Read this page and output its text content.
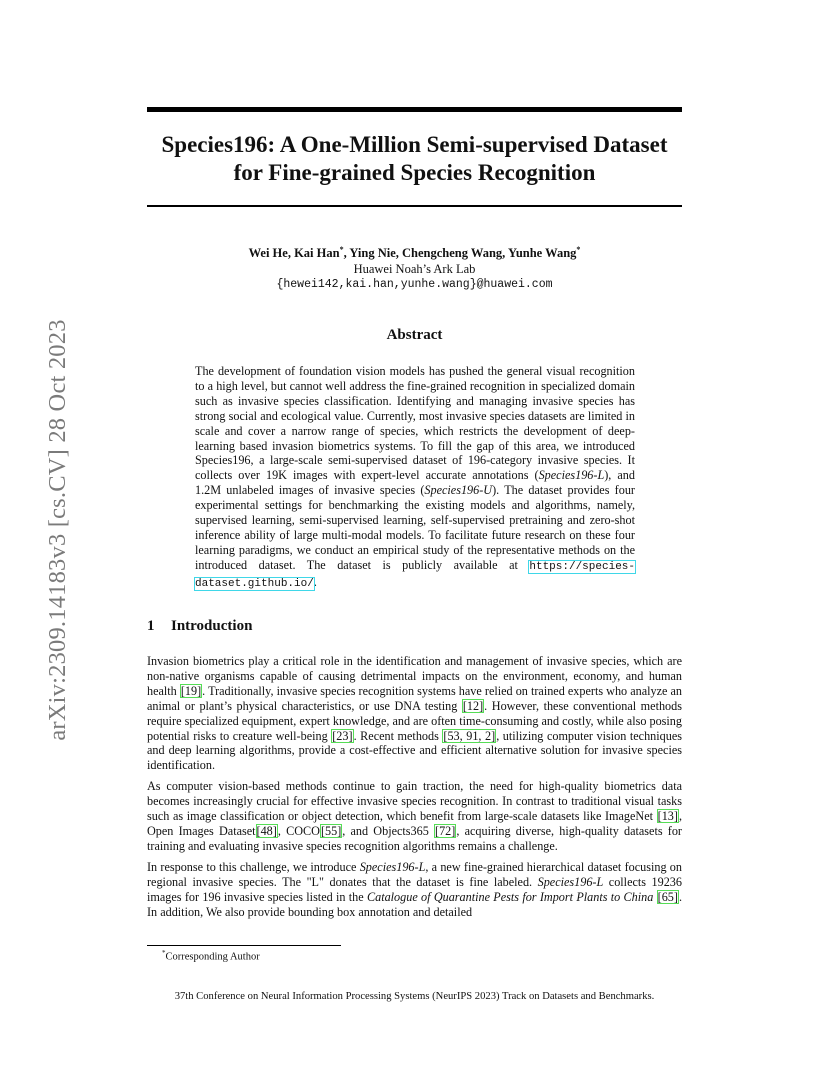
arXiv:2309.14183v3 [cs.CV] 28 Oct 2023
Species196: A One-Million Semi-supervised Dataset
for Fine-grained Species Recognition
Wei He, Kai Han*, Ying Nie, Chengcheng Wang, Yunhe Wang*
Huawei Noah’s Ark Lab
{hewei142,kai.han,yunhe.wang}@huawei.com
Abstract
The development of foundation vision models has pushed the general visual recognition to a high level, but cannot well address the fine-grained recognition in specialized domain such as invasive species classification. Identifying and managing invasive species has strong social and ecological value. Currently, most invasive species datasets are limited in scale and cover a narrow range of species, which restricts the development of deep-learning based invasion biometrics systems. To fill the gap of this area, we introduced Species196, a large-scale semi-supervised dataset of 196-category invasive species. It collects over 19K images with expert-level accurate annotations (Species196-L), and 1.2M unlabeled images of invasive species (Species196-U). The dataset provides four experimental settings for benchmarking the existing models and algorithms, namely, supervised learning, semi-supervised learning, self-supervised pretraining and zero-shot inference ability of large multi-modal models. To facilitate future research on these four learning paradigms, we conduct an empirical study of the representative methods on the introduced dataset. The dataset is publicly available at https://species-dataset.github.io/.
1 Introduction

Invasion biometrics play a critical role in the identification and management of invasive species, which are non-native organisms capable of causing detrimental impacts on the environment, economy, and human health [19]. Traditionally, invasive species recognition systems have relied on trained experts who analyze an animal or plant’s physical characteristics, or use DNA testing [12]. However, these conventional methods require specialized equipment, expert knowledge, and are often time-consuming and costly, while also posing potential risks to creature well-being [23]. Recent methods [53, 91, 2], utilizing computer vision techniques and deep learning algorithms, provide a cost-effective and efficient alternative solution for invasive species identification.

As computer vision-based methods continue to gain traction, the need for high-quality biometrics data becomes increasingly crucial for effective invasive species recognition. In contrast to traditional visual tasks such as image classification or object detection, which benefit from large-scale datasets like ImageNet [13], Open Images Dataset[48], COCO[55], and Objects365 [72], acquiring diverse, high-quality datasets for training and evaluating invasive species recognition algorithms remains a challenge.

In response to this challenge, we introduce Species196-L, a new fine-grained hierarchical dataset focusing on regional invasive species. The "L" donates that the dataset is fine labeled. Species196-L collects 19236 images for 196 invasive species listed in the Catalogue of Quarantine Pests for Import Plants to China [65]. In addition, We also provide bounding box annotation and detailed

*Corresponding Author
37th Conference on Neural Information Processing Systems (NeurIPS 2023) Track on Datasets and Benchmarks.
